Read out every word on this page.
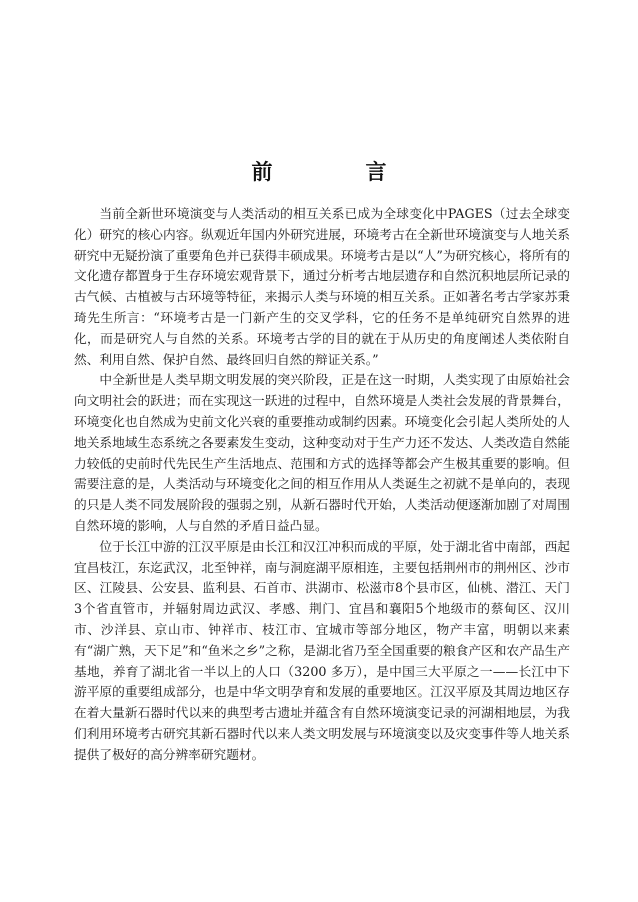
前　言

当前全新世环境演变与人类活动的相互关系已成为全球变化中PAGES（过去全球变化）研究的核心内容。纵观近年国内外研究进展，环境考古在全新世环境演变与人地关系研究中无疑扮演了重要角色并已获得丰硕成果。环境考古是以“人”为研究核心，将所有的文化遗存都置身于生存环境宏观背景下，通过分析考古地层遗存和自然沉积地层所记录的古气候、古植被与古环境等特征，来揭示人类与环境的相互关系。正如著名考古学家苏秉琦先生所言：“环境考古是一门新产生的交叉学科，它的任务不是单纯研究自然界的进化，而是研究人与自然的关系。环境考古学的目的就在于从历史的角度阐述人类依附自然、利用自然、保护自然、最终回归自然的辩证关系。”

中全新世是人类早期文明发展的突兴阶段，正是在这一时期，人类实现了由原始社会向文明社会的跃进；而在实现这一跃进的过程中，自然环境是人类社会发展的背景舞台，环境变化也自然成为史前文化兴衰的重要推动或制约因素。环境变化会引起人类所处的人地关系地域生态系统之各要素发生变动，这种变动对于生产力还不发达、人类改造自然能力较低的史前时代先民生产生活地点、范围和方式的选择等都会产生极其重要的影响。但需要注意的是，人类活动与环境变化之间的相互作用从人类诞生之初就不是单向的，表现的只是人类不同发展阶段的强弱之别，从新石器时代开始，人类活动便逐渐加剧了对周围自然环境的影响，人与自然的矛盾日益凸显。

位于长江中游的江汉平原是由长江和汉江冲积而成的平原，处于湖北省中南部，西起宜昌枝江，东迄武汉，北至钟祥，南与洞庭湖平原相连，主要包括荆州市的荆州区、沙市区、江陵县、公安县、监利县、石首市、洪湖市、松滋市8个县市区，仙桃、潜江、天门3个省直管市，并辐射周边武汉、孝感、荆门、宜昌和襄阳5个地级市的蔡甸区、汉川市、沙洋县、京山市、钟祥市、枝江市、宜城市等部分地区，物产丰富，明朝以来素有“湖广熟，天下足”和“鱼米之乡”之称，是湖北省乃至全国重要的粮食产区和农产品生产基地，养育了湖北省一半以上的人口（3200 多万），是中国三大平原之一——长江中下游平原的重要组成部分，也是中华文明孕育和发展的重要地区。江汉平原及其周边地区存在着大量新石器时代以来的典型考古遗址并蕴含有自然环境演变记录的河湖相地层，为我们利用环境考古研究其新石器时代以来人类文明发展与环境演变以及灾变事件等人地关系提供了极好的高分辨率研究题材。
